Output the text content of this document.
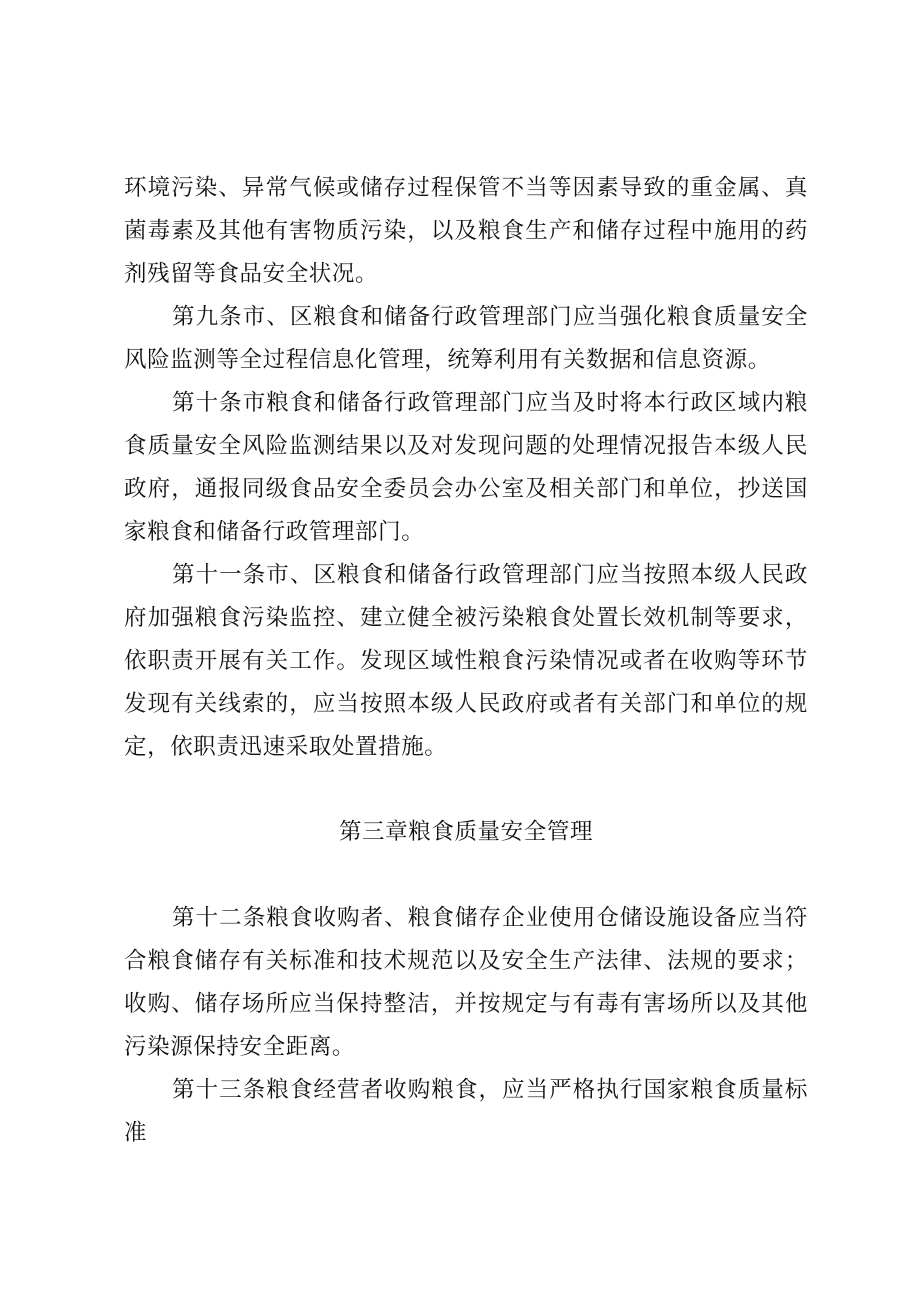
环境污染、异常气候或储存过程保管不当等因素导致的重金属、真菌毒素及其他有害物质污染，以及粮食生产和储存过程中施用的药剂残留等食品安全状况。

第九条市、区粮食和储备行政管理部门应当强化粮食质量安全风险监测等全过程信息化管理，统筹利用有关数据和信息资源。

第十条市粮食和储备行政管理部门应当及时将本行政区域内粮食质量安全风险监测结果以及对发现问题的处理情况报告本级人民政府，通报同级食品安全委员会办公室及相关部门和单位，抄送国家粮食和储备行政管理部门。

第十一条市、区粮食和储备行政管理部门应当按照本级人民政府加强粮食污染监控、建立健全被污染粮食处置长效机制等要求，依职责开展有关工作。发现区域性粮食污染情况或者在收购等环节发现有关线索的，应当按照本级人民政府或者有关部门和单位的规定，依职责迅速采取处置措施。

第三章粮食质量安全管理

第十二条粮食收购者、粮食储存企业使用仓储设施设备应当符合粮食储存有关标准和技术规范以及安全生产法律、法规的要求；收购、储存场所应当保持整洁，并按规定与有毒有害场所以及其他污染源保持安全距离。

第十三条粮食经营者收购粮食，应当严格执行国家粮食质量标准
